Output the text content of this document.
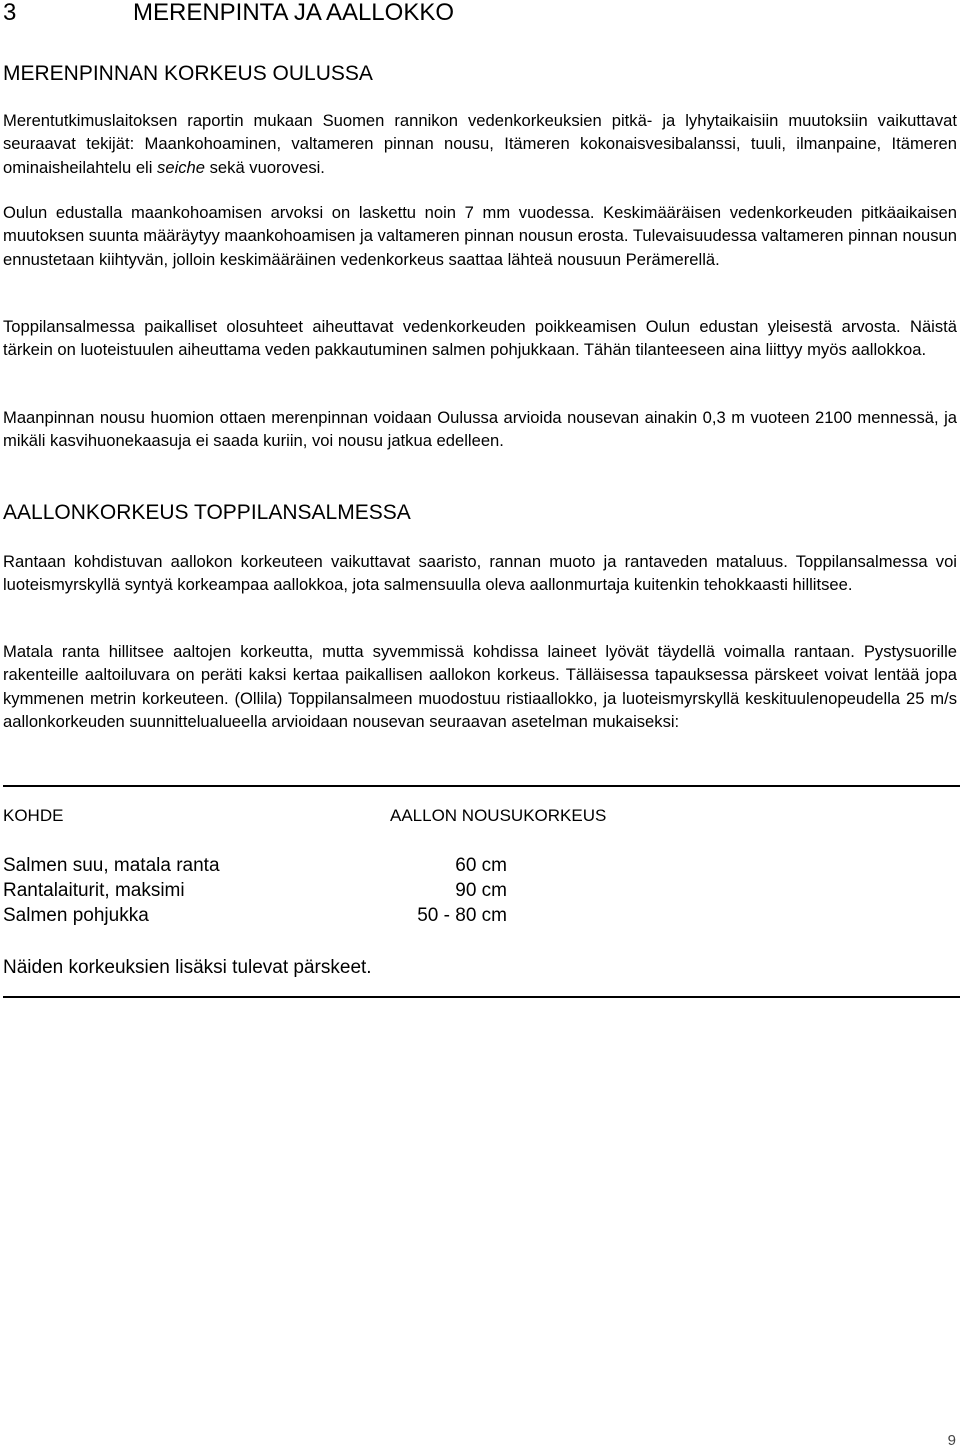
3	MERENPINTA JA AALLOKKO
MERENPINNAN KORKEUS OULUSSA

Merentutkimuslaitoksen raportin mukaan Suomen rannikon vedenkorkeuksien pitkä- ja lyhytaikaisiin muutoksiin vaikuttavat seuraavat tekijät: Maankohoaminen, valtameren pinnan nousu, Itämeren kokonaisvesibalanssi, tuuli, ilmanpaine, Itämeren ominaisheilahtelu eli seiche sekä vuorovesi.

Oulun edustalla maankohoamisen arvoksi on laskettu noin 7 mm vuodessa. Keskimääräisen vedenkorkeuden pitkäaikaisen muutoksen suunta määräytyy maankohoamisen ja valtameren pinnan nousun erosta. Tulevaisuudessa valtameren pinnan nousun ennustetaan kiihtyvän, jolloin keskimääräinen vedenkorkeus saattaa lähteä nousuun Perämerellä.

Toppilansalmessa paikalliset olosuhteet aiheuttavat vedenkorkeuden poikkeamisen Oulun edustan yleisestä arvosta. Näistä tärkein on luoteistuulen aiheuttama veden pakkautuminen salmen pohjukkaan. Tähän tilanteeseen aina liittyy myös aallokkoa.

Maanpinnan nousu huomion ottaen merenpinnan voidaan Oulussa arvioida nousevan ainakin 0,3 m vuoteen 2100 mennessä, ja mikäli kasvihuonekaasuja ei saada kuriin, voi nousu jatkua edelleen.

AALLONKORKEUS TOPPILANSALMESSA

Rantaan kohdistuvan aallokon korkeuteen vaikuttavat saaristo, rannan muoto ja rantaveden mataluus. Toppilansalmessa voi luoteismyrskyllä syntyä korkeampaa aallokkoa, jota salmensuulla oleva aallonmurtaja kuitenkin tehokkaasti hillitsee.

Matala ranta hillitsee aaltojen korkeutta, mutta syvemmissä kohdissa laineet lyövät täydellä voimalla rantaan. Pystysuorille rakenteille aaltoiluvara on peräti kaksi kertaa paikallisen aallokon korkeus. Tälläisessa tapauksessa pärskeet voivat lentää jopa kymmenen metrin korkeuteen. (Ollila) Toppilansalmeen muodostuu ristiaallokko, ja luoteismyrskyllä keskituulenopeudella 25 m/s aallonkorkeuden suunnittelualueella arvioidaan nousevan seuraavan asetelman mukaiseksi:

KOHDE	AALLON NOUSUKORKEUS
Salmen suu, matala ranta	60 cm
Rantalaiturit, maksimi	90 cm
Salmen pohjukka	50 - 80 cm
Näiden korkeuksien lisäksi tulevat pärskeet.
9
